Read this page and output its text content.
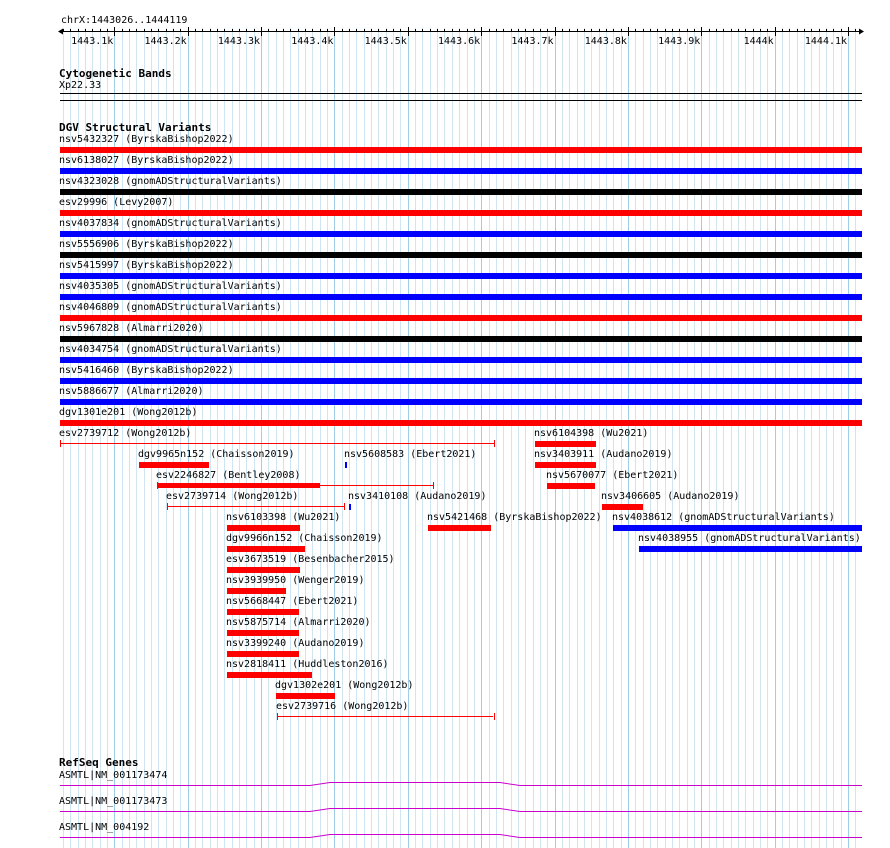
chrX:1443026..1444119
1443.1k	1443.2k	1443.3k	1443.4k	1443.5k	1443.6k	1443.7k	1443.8k	1443.9k	1444k	1444.1k
Cytogenetic Bands
Xp22.33
DGV Structural Variants
nsv5432327 (ByrskaBishop2022)
nsv6138027 (ByrskaBishop2022)
nsv4323028 (gnomADStructuralVariants)
esv29996 (Levy2007)
nsv4037834 (gnomADStructuralVariants)
nsv5556906 (ByrskaBishop2022)
nsv5415997 (ByrskaBishop2022)
nsv4035305 (gnomADStructuralVariants)
nsv4046809 (gnomADStructuralVariants)
nsv5967828 (Almarri2020)
nsv4034754 (gnomADStructuralVariants)
nsv5416460 (ByrskaBishop2022)
nsv5886677 (Almarri2020)
dgv1301e201 (Wong2012b)
esv2739712 (Wong2012b)	nsv6104398 (Wu2021)
dgv9965n152 (Chaisson2019)	nsv5608583 (Ebert2021)	nsv3403911 (Audano2019)
esv2246827 (Bentley2008)	nsv5670077 (Ebert2021)
esv2739714 (Wong2012b)	nsv3410108 (Audano2019)	nsv3406605 (Audano2019)
nsv6103398 (Wu2021)	nsv5421468 (ByrskaBishop2022) nsv4038612 (gnomADStructuralVariants)
dgv9966n152 (Chaisson2019)	nsv4038955 (gnomADStructuralVariants)
esv3673519 (Besenbacher2015)
nsv3939950 (Wenger2019)
nsv5668447 (Ebert2021)
nsv5875714 (Almarri2020)
nsv3399240 (Audano2019)
nsv2818411 (Huddleston2016)
dgv1302e201 (Wong2012b)
esv2739716 (Wong2012b)
RefSeq Genes
ASMTL|NM_001173474
ASMTL|NM_001173473
ASMTL|NM_004192
